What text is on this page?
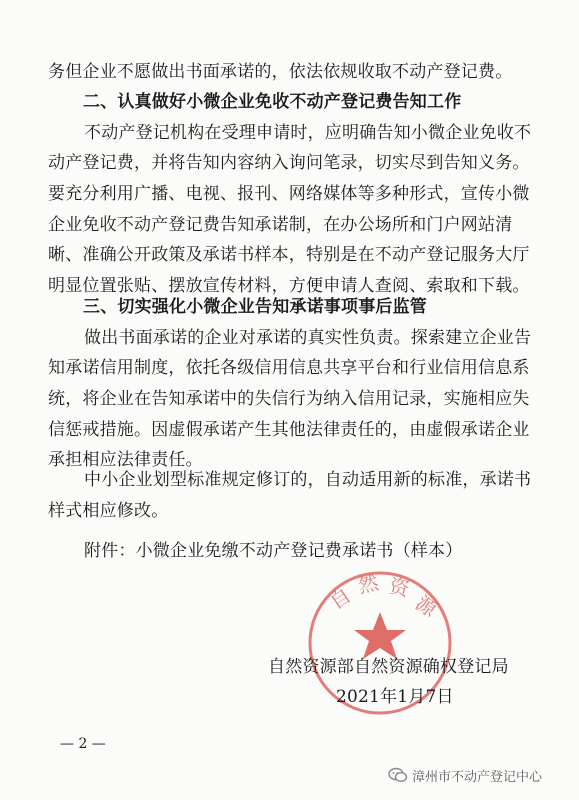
务但企业不愿做出书面承诺的，依法依规收取不动产登记费。
二、认真做好小微企业免收不动产登记费告知工作
不动产登记机构在受理申请时，应明确告知小微企业免收不
动产登记费，并将告知内容纳入询问笔录，切实尽到告知义务。
要充分利用广播、电视、报刊、网络媒体等多种形式，宣传小微
企业免收不动产登记费告知承诺制，在办公场所和门户网站清
晰、准确公开政策及承诺书样本，特别是在不动产登记服务大厅
明显位置张贴、摆放宣传材料，方便申请人查阅、索取和下载。
三、切实强化小微企业告知承诺事项事后监管
做出书面承诺的企业对承诺的真实性负责。探索建立企业告
知承诺信用制度，依托各级信用信息共享平台和行业信用信息系
统，将企业在告知承诺中的失信行为纳入信用记录，实施相应失
信惩戒措施。因虚假承诺产生其他法律责任的，由虚假承诺企业
承担相应法律责任。
中小企业划型标准规定修订的，自动适用新的标准，承诺书
样式相应修改。
附件：小微企业免缴不动产登记费承诺书（样本）
自 然 资
源
自然资源部自然资源确权登记局
2021年1月7日
— 2 —
漳州市不动产登记中心
